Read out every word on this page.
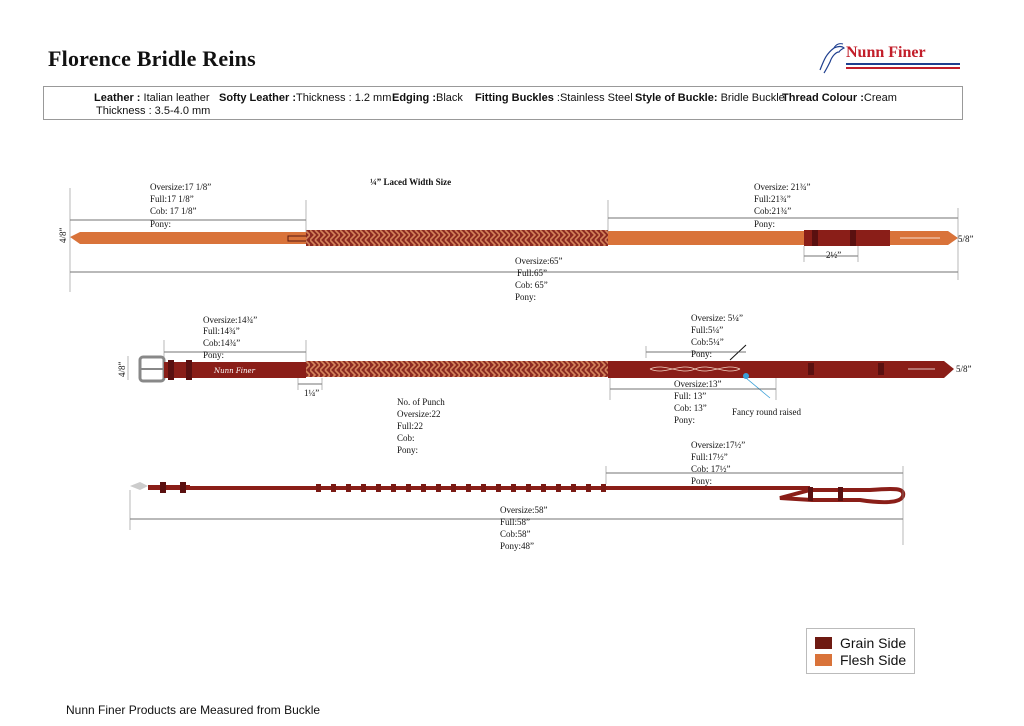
Florence Bridle Reins	Nunn Finer
Leather : Italian leather
Thickness : 3.5-4.0 mm
Softy Leather :Thickness : 1.2 mm Edging :Black Fitting Buckles :Stainless Steel Style of Buckle: Bridle Buckle
Thread Colour :Cream
¼” Laced Width Size
4/8”	5/8”
2½”
Oversize:17 1/8”
Full:17 1/8”
Cob: 17 1/8”
Pony:
Oversize: 21¾”
Full:21¾”
Cob:21¾”
Pony:
Oversize:65”
Full:65”
Cob: 65”
Pony:
Nunn Finer
4/8”	5/8”
1¼”
Oversize:14¾”
Full:14¾”
Cob:14¾”
Pony:
Oversize: 5¼”
Full:5¼”
Cob:5¼”
Pony:
Oversize:13”
Full: 13”
Cob: 13”
Pony:
Fancy round raised
No. of Punch
Oversize:22
Full:22
Cob:
Pony:	Oversize:17½”
Full:17½”
Cob: 17½”
Pony:
Oversize:58”
Full:58”
Cob:58”
Pony:48”
Grain Side
Flesh Side
Nunn Finer Products are Measured from Buckle
